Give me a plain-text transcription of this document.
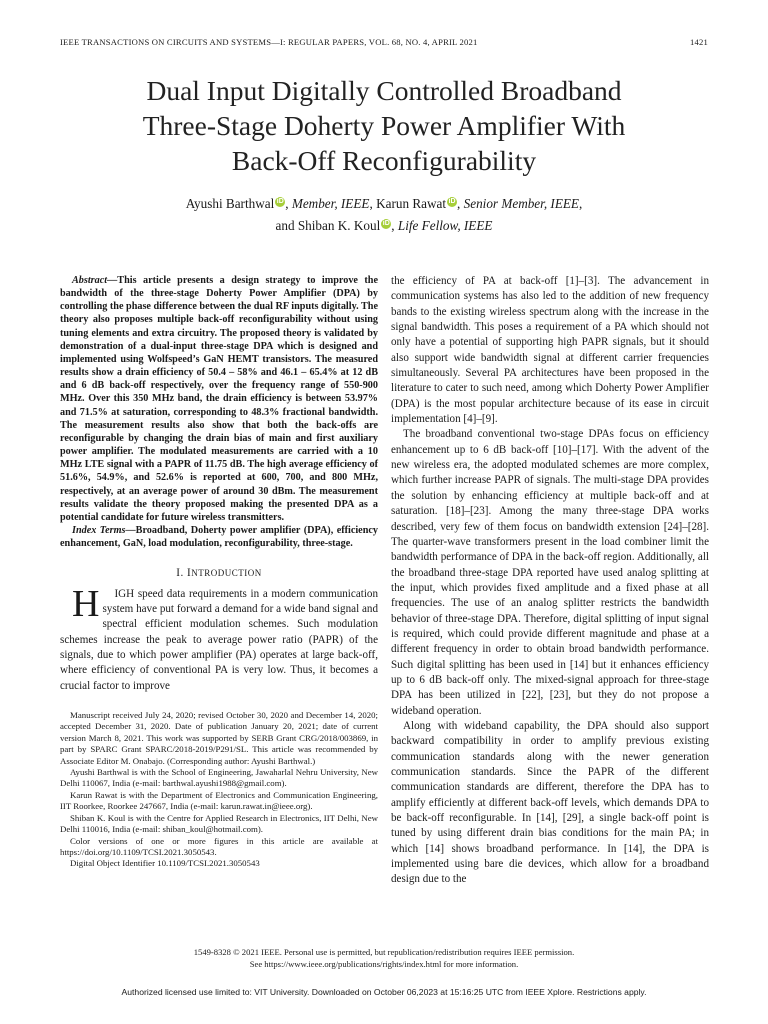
IEEE TRANSACTIONS ON CIRCUITS AND SYSTEMS—I: REGULAR PAPERS, VOL. 68, NO. 4, APRIL 2021	1421
Dual Input Digitally Controlled Broadband
Three-Stage Doherty Power Amplifier With
Back-Off Reconfigurability
Ayushi Barthwal iD , Member, IEEE, Karun Rawat iD , Senior Member, IEEE,
and Shiban K. Koul iD , Life Fellow, IEEE

Abstract—This article presents a design strategy to improve the bandwidth of the three-stage Doherty Power Amplifier (DPA) by controlling the phase difference between the dual RF inputs digitally. The theory also proposes multiple back-off reconfigurability without using tuning elements and extra circuitry. The proposed theory is validated by demonstration of a dual-input three-stage DPA which is designed and implemented using Wolfspeed’s GaN HEMT transistors. The measured results show a drain efficiency of 50.4 – 58% and 46.1 – 65.4% at 12 dB and 6 dB back-off respectively, over the frequency range of 550-900 MHz. Over this 350 MHz band, the drain efficiency is between 53.97% and 71.5% at saturation, corresponding to 48.3% fractional bandwidth. The measurement results also show that both the back-offs are reconfigurable by changing the drain bias of main and first auxiliary power amplifier. The modulated measurements are carried with a 10 MHz LTE signal with a PAPR of 11.75 dB. The high average efficiency of 51.6%, 54.9%, and 52.6% is reported at 600, 700, and 800 MHz, respectively, at an average power of around 30 dBm. The measurement results validate the theory proposed making the presented DPA as a potential candidate for future wireless transmitters.

Index Terms—Broadband, Doherty power amplifier (DPA), efficiency enhancement, GaN, load modulation, reconfigurability, three-stage.

I. INTRODUCTION

H IGH speed data requirements in a modern communication system have put forward a demand for a wide band signal and spectral efficient modulation schemes. Such modulation schemes increase the peak to average power ratio (PAPR) of the signals, due to which power amplifier (PA) operates at large back-off, where efficiency of conventional PA is very low. Thus, it becomes a crucial factor to improve

Manuscript received July 24, 2020; revised October 30, 2020 and December 14, 2020; accepted December 31, 2020. Date of publication January 20, 2021; date of current version March 8, 2021. This work was supported by SERB Grant CRG/2018/003869, in part by SPARC Grant SPARC/2018-2019/P291/SL. This article was recommended by Associate Editor M. Onabajo. (Corresponding author: Ayushi Barthwal.)

Ayushi Barthwal is with the School of Engineering, Jawaharlal Nehru University, New Delhi 110067, India (e-mail: barthwal.ayushi1988@gmail.com).

Karun Rawat is with the Department of Electronics and Communication Engineering, IIT Roorkee, Roorkee 247667, India (e-mail: karun.rawat.in@ieee.org).

Shiban K. Koul is with the Centre for Applied Research in Electronics, IIT Delhi, New Delhi 110016, India (e-mail: shiban_koul@hotmail.com).

Color versions of one or more figures in this article are available at https://doi.org/10.1109/TCSI.2021.3050543.

Digital Object Identifier 10.1109/TCSI.2021.3050543

the efficiency of PA at back-off [1]–[3]. The advancement in communication systems has also led to the addition of new frequency bands to the existing wireless spectrum along with the increase in the signal bandwidth. This poses a requirement of a PA which should not only have a potential of supporting high PAPR signals, but it should also support wide bandwidth signal at different carrier frequencies simultaneously. Several PA architectures have been proposed in the literature to cater to such need, among which Doherty Power Amplifier (DPA) is the most popular architecture because of its ease in circuit implementation [4]–[9].

The broadband conventional two-stage DPAs focus on efficiency enhancement up to 6 dB back-off [10]–[17]. With the advent of the new wireless era, the adopted modulated schemes are more complex, which further increase PAPR of signals. The multi-stage DPA provides the solution by enhancing efficiency at multiple back-off and at saturation. [18]–[23]. Among the many three-stage DPA works described, very few of them focus on bandwidth extension [24]–[28]. The quarter-wave transformers present in the load combiner limit the bandwidth performance of DPA in the back-off region. Additionally, all the broadband three-stage DPA reported have used analog splitting at the input, which provides fixed amplitude and a fixed phase at all frequencies. The use of an analog splitter restricts the bandwidth behavior of three-stage DPA. Therefore, digital splitting of input signal is required, which could provide different magnitude and phase at a different frequency in order to obtain broad bandwidth performance. Such digital splitting has been used in [14] but it enhances efficiency up to 6 dB back-off only. The mixed-signal approach for three-stage DPA has been utilized in [22], [23], but they do not propose a wideband operation.

Along with wideband capability, the DPA should also support backward compatibility in order to amplify previous existing communication standards along with the newer generation communication standards. Since the PAPR of the different communication standards are different, therefore the DPA has to amplify efficiently at different back-off levels, which demands DPA to be back-off reconfigurable. In [14], [29], a single back-off point is tuned by using different drain bias conditions for the main PA; in which [14] shows broadband performance. In [14], the DPA is implemented using bare die devices, which allow for a broadband design due to the

1549-8328 © 2021 IEEE. Personal use is permitted, but republication/redistribution requires IEEE permission.
See https://www.ieee.org/publications/rights/index.html for more information.
Authorized licensed use limited to: VIT University. Downloaded on October 06,2023 at 15:16:25 UTC from IEEE Xplore. Restrictions apply.
